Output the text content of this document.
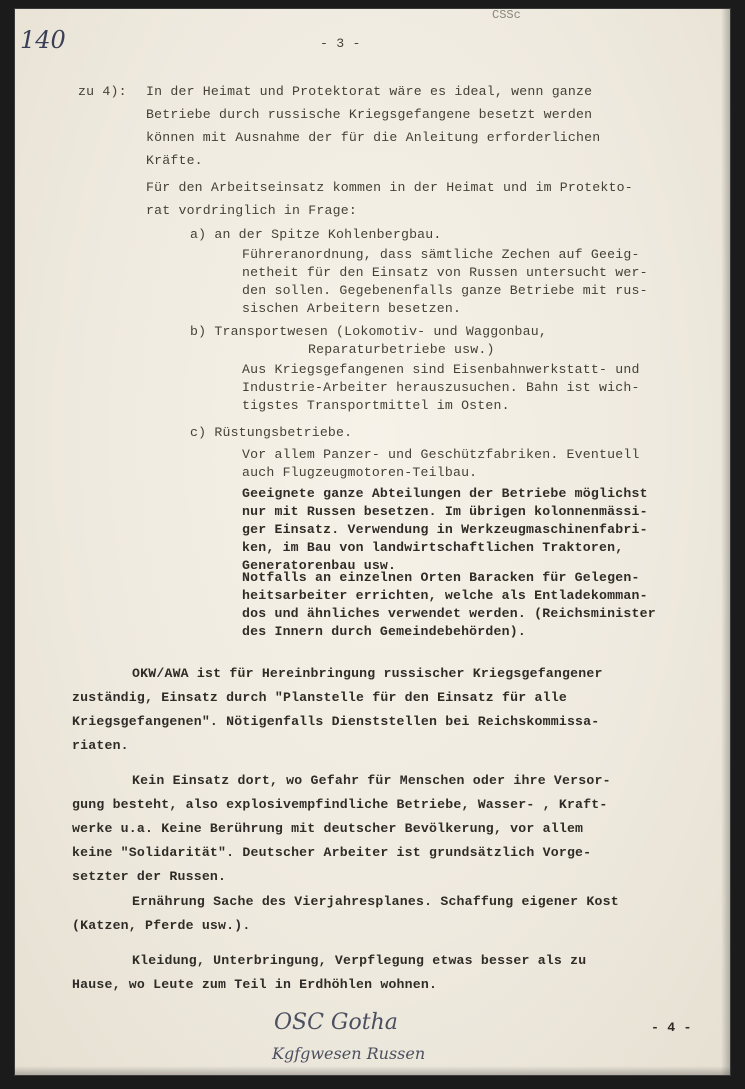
140
CSSc
- 3 -
zu 4): In der Heimat und Protektorat wäre es ideal, wenn ganze
Betriebe durch russische Kriegsgefangene besetzt werden
können mit Ausnahme der für die Anleitung erforderlichen
Kräfte.
Für den Arbeitseinsatz kommen in der Heimat und im Protekto-
rat vordringlich in Frage:
a) an der Spitze Kohlenbergbau.
Führeranordnung, dass sämtliche Zechen auf Geeig-
netheit für den Einsatz von Russen untersucht wer-
den sollen. Gegebenenfalls ganze Betriebe mit rus-
sischen Arbeitern besetzen.
b) Transportwesen (Lokomotiv- und Waggonbau,
Reparaturbetriebe usw.)
Aus Kriegsgefangenen sind Eisenbahnwerkstatt- und
Industrie-Arbeiter herauszusuchen. Bahn ist wich-
tigstes Transportmittel im Osten.
c) Rüstungsbetriebe.
Vor allem Panzer- und Geschützfabriken. Eventuell
auch Flugzeugmotoren-Teilbau.
Geeignete ganze Abteilungen der Betriebe möglichst
nur mit Russen besetzen. Im übrigen kolonnenmässi-
ger Einsatz. Verwendung in Werkzeugmaschinenfabri-
ken, im Bau von landwirtschaftlichen Traktoren,
Generatorenbau usw.
Notfalls an einzelnen Orten Baracken für Gelegen-
heitsarbeiter errichten, welche als Entladekomman-
dos und ähnliches verwendet werden. (Reichsminister
des Innern durch Gemeindebehörden).
OKW/AWA ist für Hereinbringung russischer Kriegsgefangener
zuständig, Einsatz durch "Planstelle für den Einsatz für alle
Kriegsgefangenen". Nötigenfalls Dienststellen bei Reichskommissa-
riaten.
Kein Einsatz dort, wo Gefahr für Menschen oder ihre Versor-
gung besteht, also explosivempfindliche Betriebe, Wasser- , Kraft-
werke u.a. Keine Berührung mit deutscher Bevölkerung, vor allem
keine "Solidarität". Deutscher Arbeiter ist grundsätzlich Vorge-
setzter der Russen.
Ernährung Sache des Vierjahresplanes. Schaffung eigener Kost
(Katzen, Pferde usw.).
Kleidung, Unterbringung, Verpflegung etwas besser als zu
Hause, wo Leute zum Teil in Erdhöhlen wohnen.
OSC Gotha
Kgfgwesen Russen
- 4 -
